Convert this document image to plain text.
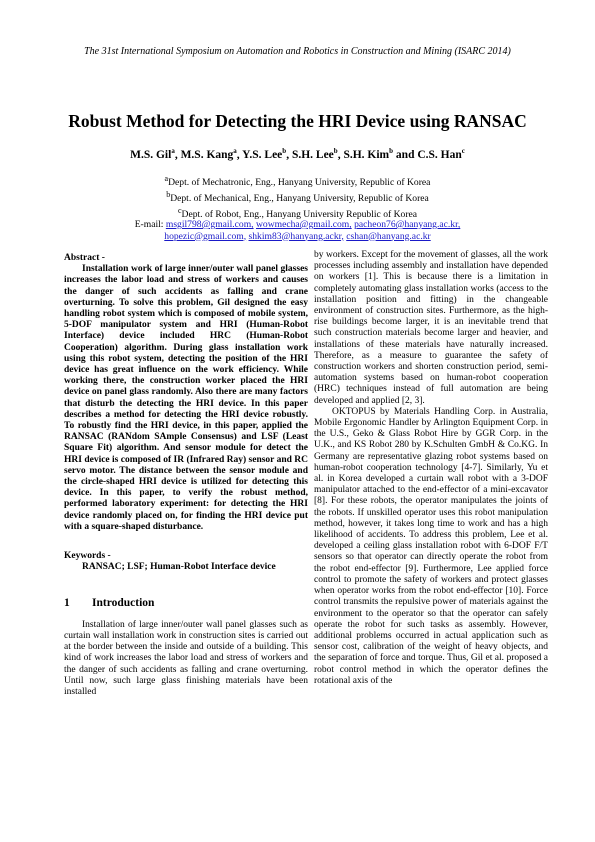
The 31st International Symposium on Automation and Robotics in Construction and Mining (ISARC 2014)
Robust Method for Detecting the HRI Device using RANSAC
M.S. Gil$^a$, M.S. Kang$^a$, Y.S. Lee$^b$, S.H. Lee$^b$, S.H. Kim$^b$ and C.S. Han$^c$
$^a$Dept. of Mechatronic, Eng., Hanyang University, Republic of Korea
$^b$Dept. of Mechanical, Eng., Hanyang University, Republic of Korea
$^c$Dept. of Robot, Eng., Hanyang University Republic of Korea
E-mail: msgil798@gmail.com, wowmecha@gmail.com, pacheon76@hanyang.ac.kr,
hopezic@gmail.com, shkim83@hanyang.ackr, cshan@hanyang.ac.kr

Abstract -

Installation work of large inner/outer wall panel glasses increases the labor load and stress of workers and causes the danger of such accidents as falling and crane overturning. To solve this problem, Gil designed the easy handling robot system which is composed of mobile system, 5-DOF manipulator system and HRI (Human-Robot Interface) device included HRC (Human-Robot Cooperation) algorithm. During glass installation work using this robot system, detecting the position of the HRI device has great influence on the work efficiency. While working there, the construction worker placed the HRI device on panel glass randomly. Also there are many factors that disturb the detecting the HRI device. In this paper describes a method for detecting the HRI device robustly. To robustly find the HRI device, in this paper, applied the RANSAC (RANdom SAmple Consensus) and LSF (Least Square Fit) algorithm. And sensor module for detect the HRI device is composed of IR (Infrared Ray) sensor and RC servo motor. The distance between the sensor module and the circle-shaped HRI device is utilized for detecting this device. In this paper, to verify the robust method, performed laboratory experiment: for detecting the HRI device randomly placed on, for finding the HRI device put with a square-shaped disturbance.

Keywords -

RANSAC; LSF; Human-Robot Interface device

1 Introduction

Installation of large inner/outer wall panel glasses such as curtain wall installation work in construction sites is carried out at the border between the inside and outside of a building. This kind of work increases the labor load and stress of workers and the danger of such accidents as falling and crane overturning. Until now, such large glass finishing materials have been installed

by workers. Except for the movement of glasses, all the work processes including assembly and installation have depended on workers [1]. This is because there is a limitation in completely automating glass installation works (access to the installation position and fitting) in the changeable environment of construction sites. Furthermore, as the high-rise buildings become larger, it is an inevitable trend that such construction materials become larger and heavier, and installations of these materials have naturally increased. Therefore, as a measure to guarantee the safety of construction workers and shorten construction period, semi-automation systems based on human-robot cooperation (HRC) techniques instead of full automation are being developed and applied [2, 3].

OKTOPUS by Materials Handling Corp. in Australia, Mobile Ergonomic Handler by Arlington Equipment Corp. in the U.S., Geko & Glass Robot Hire by GGR Corp. in the U.K., and KS Robot 280 by K.Schulten GmbH & Co.KG. In Germany are representative glazing robot systems based on human-robot cooperation technology [4-7]. Similarly, Yu et al. in Korea developed a curtain wall robot with a 3-DOF manipulator attached to the end-effector of a mini-excavator [8]. For these robots, the operator manipulates the joints of the robots. If unskilled operator uses this robot manipulation method, however, it takes long time to work and has a high likelihood of accidents. To address this problem, Lee et al. developed a ceiling glass installation robot with 6-DOF F/T sensors so that operator can directly operate the robot from the robot end-effector [9]. Furthermore, Lee applied force control to promote the safety of workers and protect glasses when operator works from the robot end-effector [10]. Force control transmits the repulsive power of materials against the environment to the operator so that the operator can safely operate the robot for such tasks as assembly. However, additional problems occurred in actual application such as sensor cost, calibration of the weight of heavy objects, and the separation of force and torque. Thus, Gil et al. proposed a robot control method in which the operator defines the rotational axis of the
